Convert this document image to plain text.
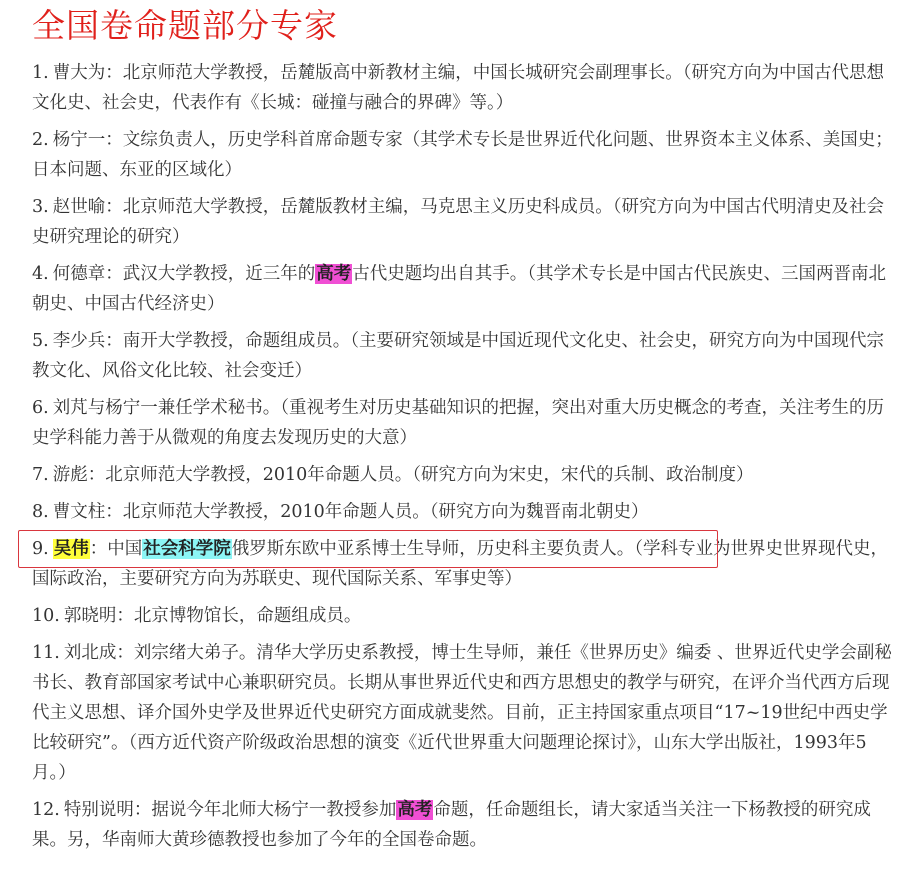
全国卷命题部分专家
1. 曹大为：北京师范大学教授，岳麓版高中新教材主编，中国长城研究会副理事长。（研究方向为中国古代思想文化史、社会史，代表作有《长城：碰撞与融合的界碑》等。）
2. 杨宁一：文综负责人，历史学科首席命题专家（其学术专长是世界近代化问题、世界资本主义体系、美国史；日本问题、东亚的区域化）
3. 赵世喻：北京师范大学教授，岳麓版教材主编，马克思主义历史科成员。（研究方向为中国古代明清史及社会史研究理论的研究）
4. 何德章：武汉大学教授，近三年的高考古代史题均出自其手。（其学术专长是中国古代民族史、三国两晋南北朝史、中国古代经济史）
5. 李少兵：南开大学教授，命题组成员。（主要研究领域是中国近现代文化史、社会史，研究方向为中国现代宗教文化、风俗文化比较、社会变迁）
6. 刘芃与杨宁一兼任学术秘书。（重视考生对历史基础知识的把握，突出对重大历史概念的考查，关注考生的历史学科能力善于从微观的角度去发现历史的大意）
7. 游彪：北京师范大学教授，2010年命题人员。（研究方向为宋史，宋代的兵制、政治制度）
8. 曹文柱：北京师范大学教授，2010年命题人员。（研究方向为魏晋南北朝史）
9. 吴伟：中国社会科学院俄罗斯东欧中亚系博士生导师，历史科主要负责人。（学科专业为世界史世界现代史，国际政治，主要研究方向为苏联史、现代国际关系、军事史等）
10. 郭晓明：北京博物馆长，命题组成员。
11. 刘北成：刘宗绪大弟子。清华大学历史系教授，博士生导师，兼任《世界历史》编委 、世界近代史学会副秘书长、教育部国家考试中心兼职研究员。长期从事世界近代史和西方思想史的教学与研究，在评介当代西方后现代主义思想、译介国外史学及世界近代史研究方面成就斐然。目前，正主持国家重点项目“17~19世纪中西史学比较研究”。（西方近代资产阶级政治思想的演变《近代世界重大问题理论探讨》，山东大学出版社，1993年5月。）
12. 特别说明：据说今年北师大杨宁一教授参加高考命题，任命题组长，请大家适当关注一下杨教授的研究成果。另，华南师大黄珍德教授也参加了今年的全国卷命题。
